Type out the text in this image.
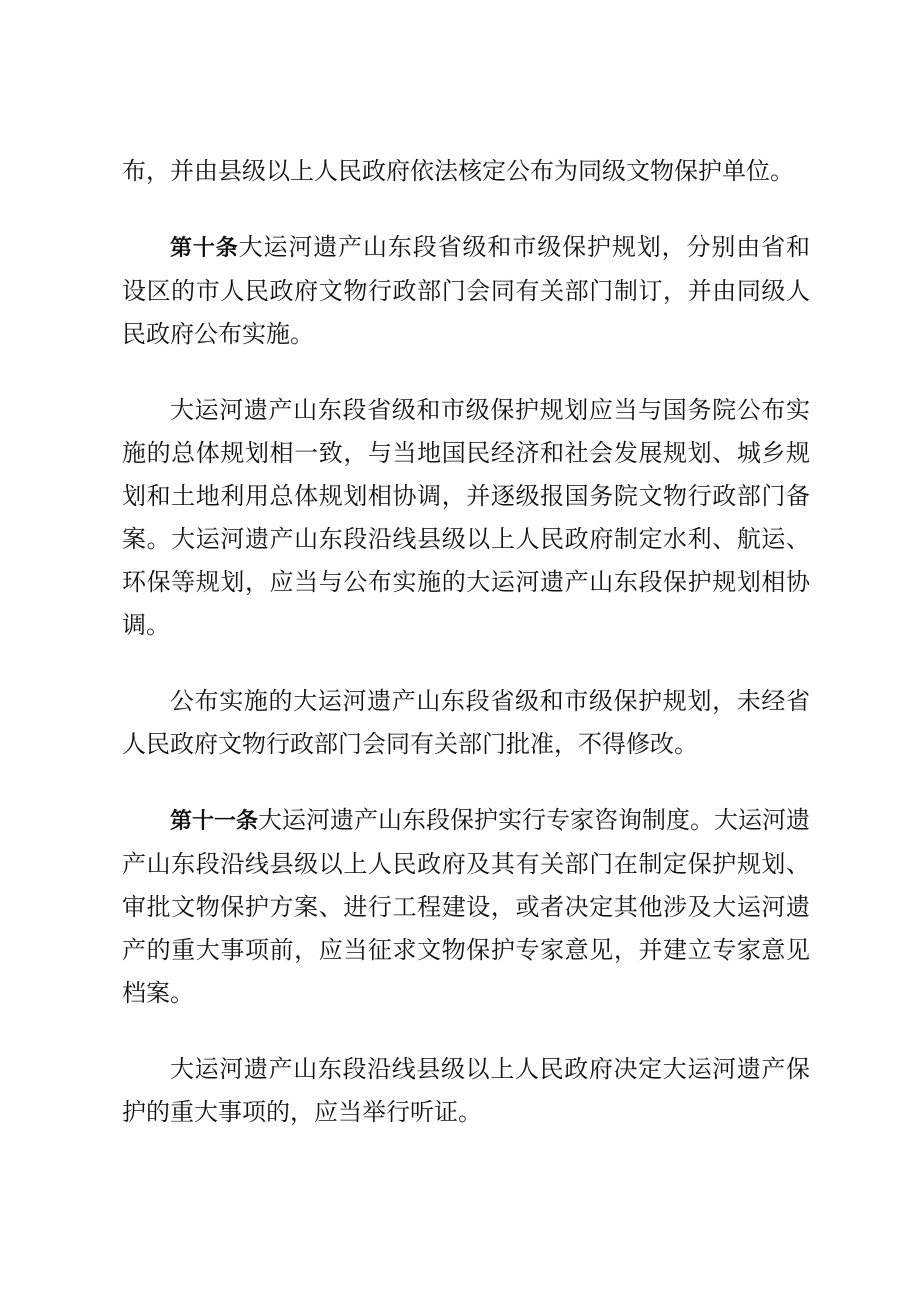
布，并由县级以上人民政府依法核定公布为同级文物保护单位。

第十条大运河遗产山东段省级和市级保护规划，分别由省和设区的市人民政府文物行政部门会同有关部门制订，并由同级人民政府公布实施。

大运河遗产山东段省级和市级保护规划应当与国务院公布实施的总体规划相一致，与当地国民经济和社会发展规划、城乡规划和土地利用总体规划相协调，并逐级报国务院文物行政部门备案。大运河遗产山东段沿线县级以上人民政府制定水利、航运、环保等规划，应当与公布实施的大运河遗产山东段保护规划相协调。

公布实施的大运河遗产山东段省级和市级保护规划，未经省人民政府文物行政部门会同有关部门批准，不得修改。

第十一条大运河遗产山东段保护实行专家咨询制度。大运河遗产山东段沿线县级以上人民政府及其有关部门在制定保护规划、审批文物保护方案、进行工程建设，或者决定其他涉及大运河遗产的重大事项前，应当征求文物保护专家意见，并建立专家意见档案。

大运河遗产山东段沿线县级以上人民政府决定大运河遗产保护的重大事项的，应当举行听证。
